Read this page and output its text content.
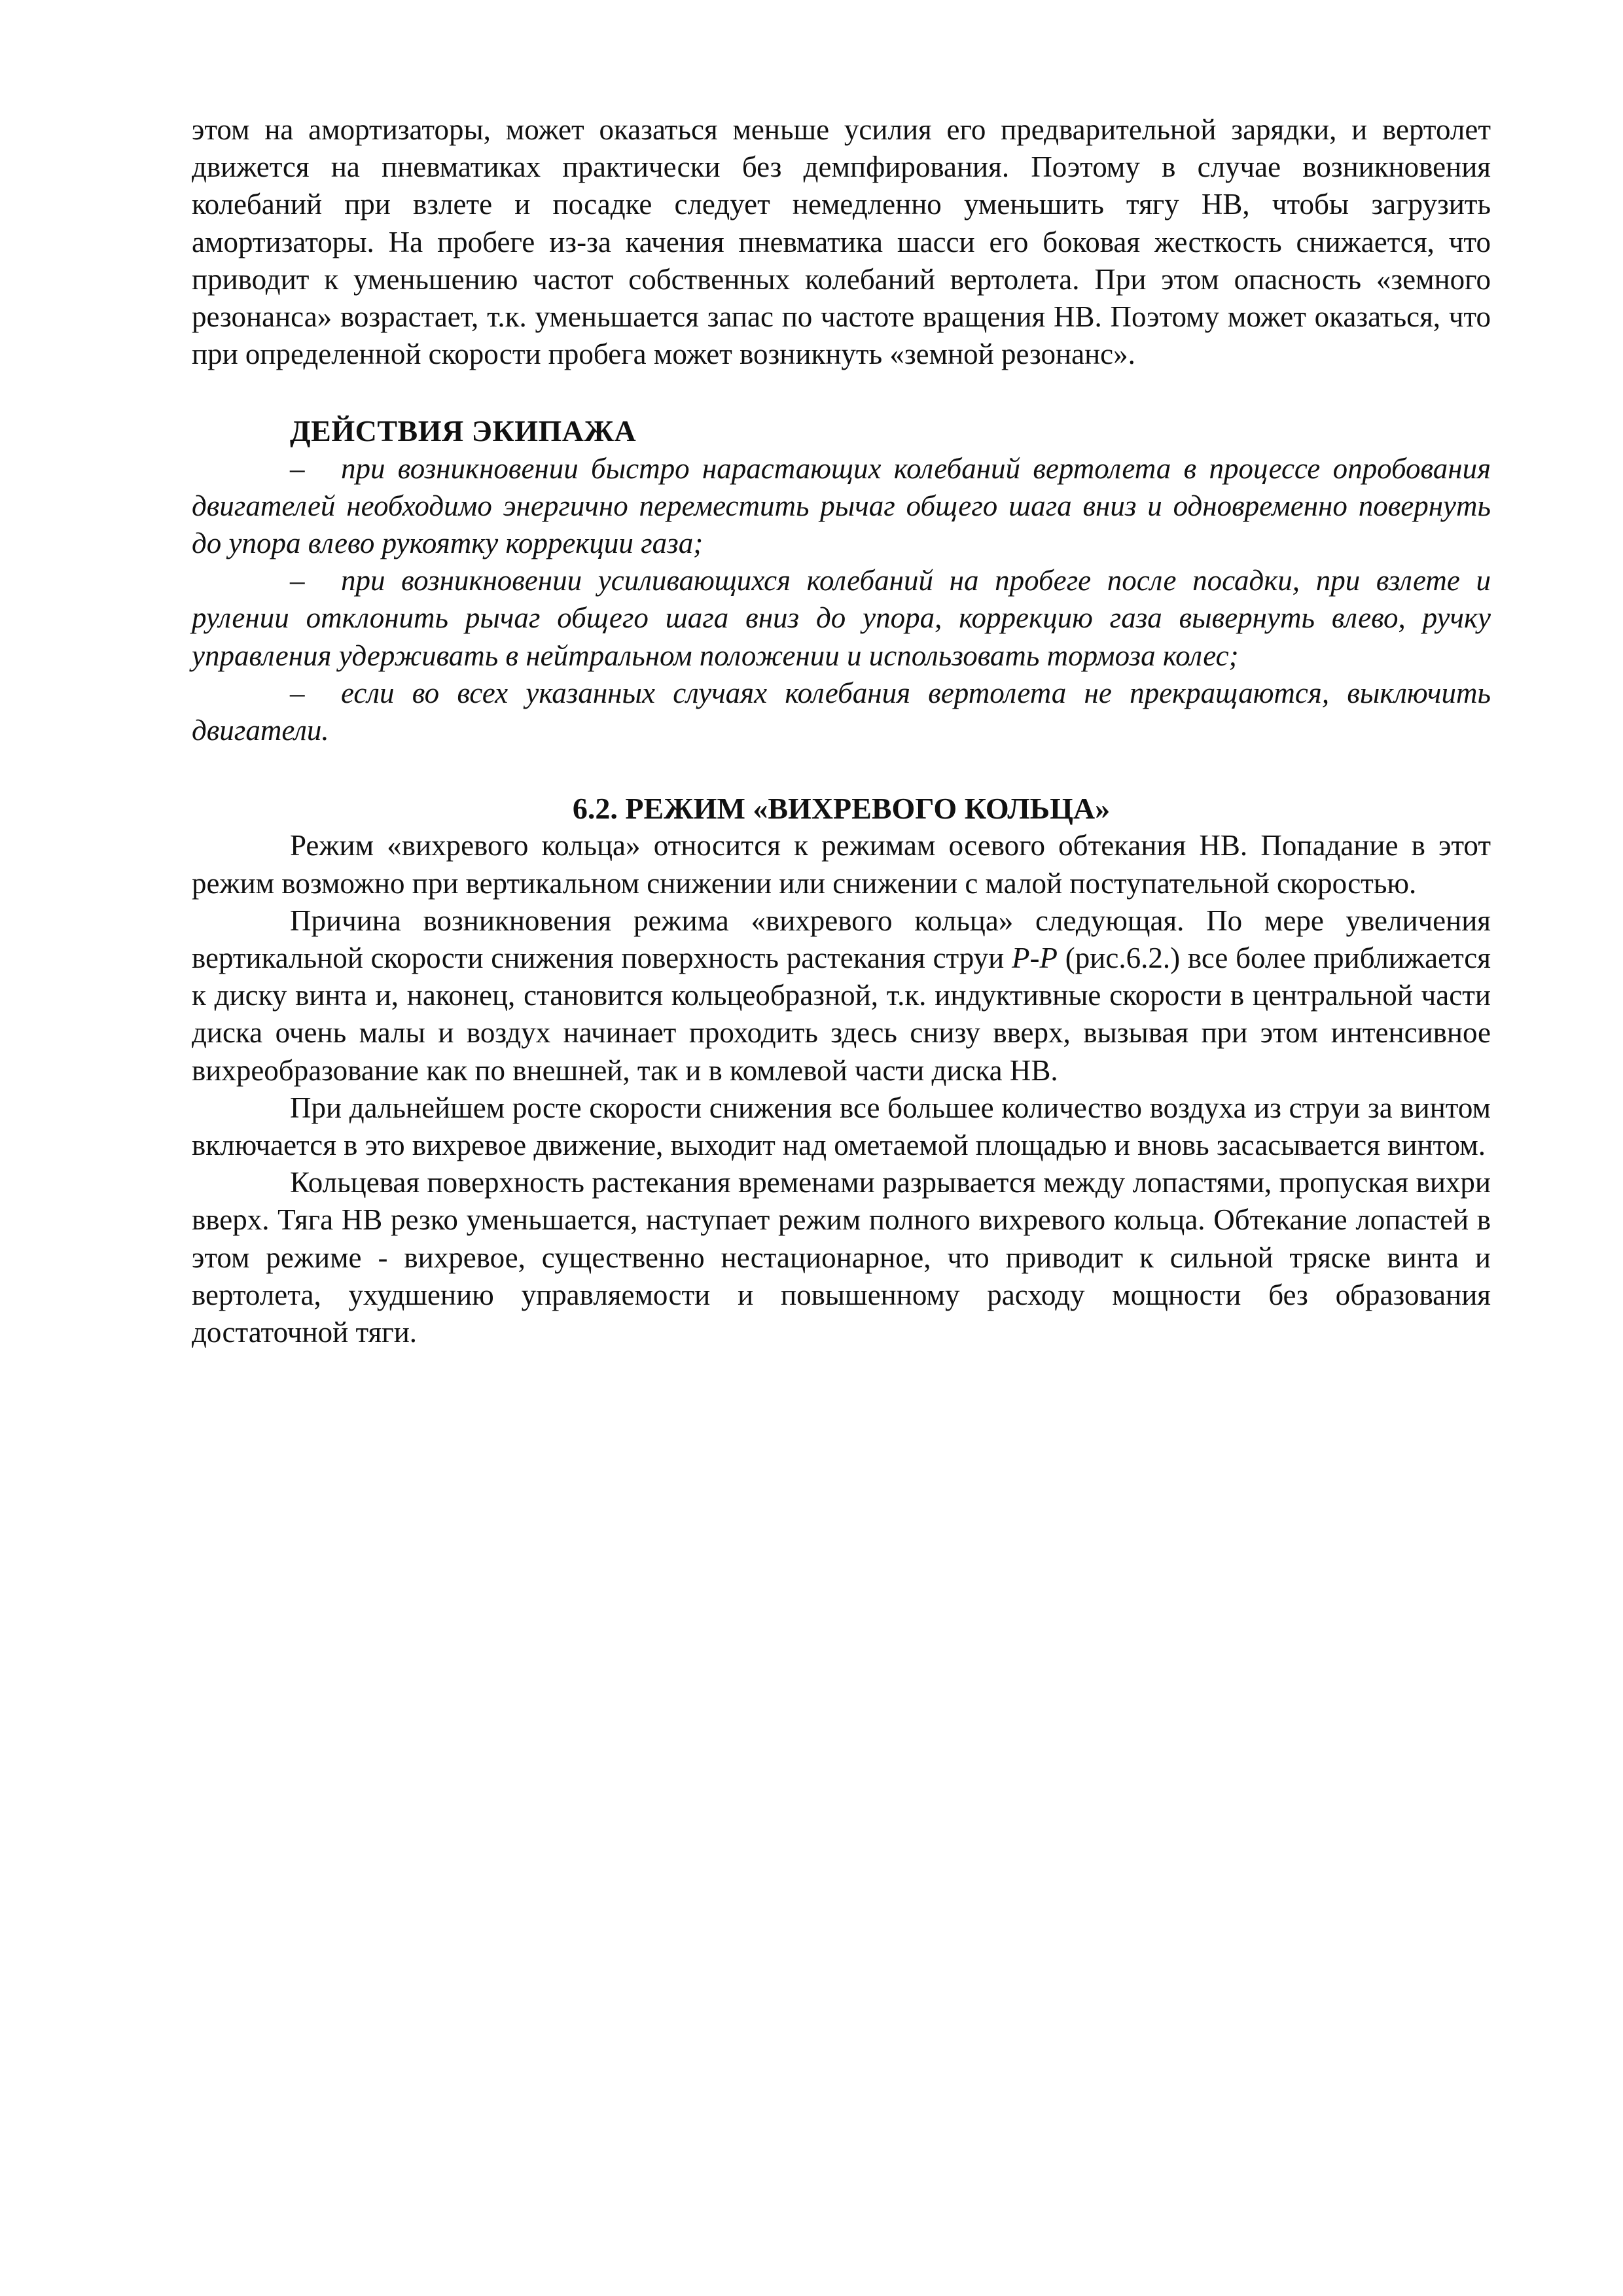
этом на амортизаторы, может оказаться меньше усилия его предварительной зарядки, и вертолет движется на пневматиках практически без демпфирования. Поэтому в случае возникновения колебаний при взлете и посадке следует немедленно уменьшить тягу НВ, чтобы загрузить амортизаторы. На пробеге из-за качения пневматика шасси его боковая жесткость снижается, что приводит к уменьшению частот собственных колебаний вертолета. При этом опасность «земного резонанса» возрастает, т.к. уменьшается запас по частоте вращения НВ. Поэтому может оказаться, что при определенной скорости пробега может возникнуть «земной резонанс».

ДЕЙСТВИЯ ЭКИПАЖА

– при возникновении быстро нарастающих колебаний вертолета в процессе опробования двигателей необходимо энергично переместить рычаг общего шага вниз и одновременно повернуть до упора влево рукоятку коррекции газа;

– при возникновении усиливающихся колебаний на пробеге после посадки, при взлете и рулении отклонить рычаг общего шага вниз до упора, коррекцию газа вывернуть влево, ручку управления удерживать в нейтральном положении и использовать тормоза колес;

– если во всех указанных случаях колебания вертолета не прекращаются, выключить двигатели.

6.2. РЕЖИМ «ВИХРЕВОГО КОЛЬЦА»

Режим «вихревого кольца» относится к режимам осевого обтекания НВ. Попадание в этот режим возможно при вертикальном снижении или снижении с малой поступательной скоростью.

Причина возникновения режима «вихревого кольца» следующая. По мере увеличения вертикальной скорости снижения поверхность растекания струи Р-Р (рис.6.2.) все более приближается к диску винта и, наконец, становится кольцеобразной, т.к. индуктивные скорости в центральной части диска очень малы и воздух начинает проходить здесь снизу вверх, вызывая при этом интенсивное вихреобразование как по внешней, так и в комлевой части диска НВ.

При дальнейшем росте скорости снижения все большее количество воздуха из струи за винтом включается в это вихревое движение, выходит над ометаемой площадью и вновь засасывается винтом.

Кольцевая поверхность растекания временами разрывается между лопастями, пропуская вихри вверх. Тяга НВ резко уменьшается, наступает режим полного вихревого кольца. Обтекание лопастей в этом режиме - вихревое, существенно нестационарное, что приводит к сильной тряске винта и вертолета, ухудшению управляемости и повышенному расходу мощности без образования достаточной тяги.
